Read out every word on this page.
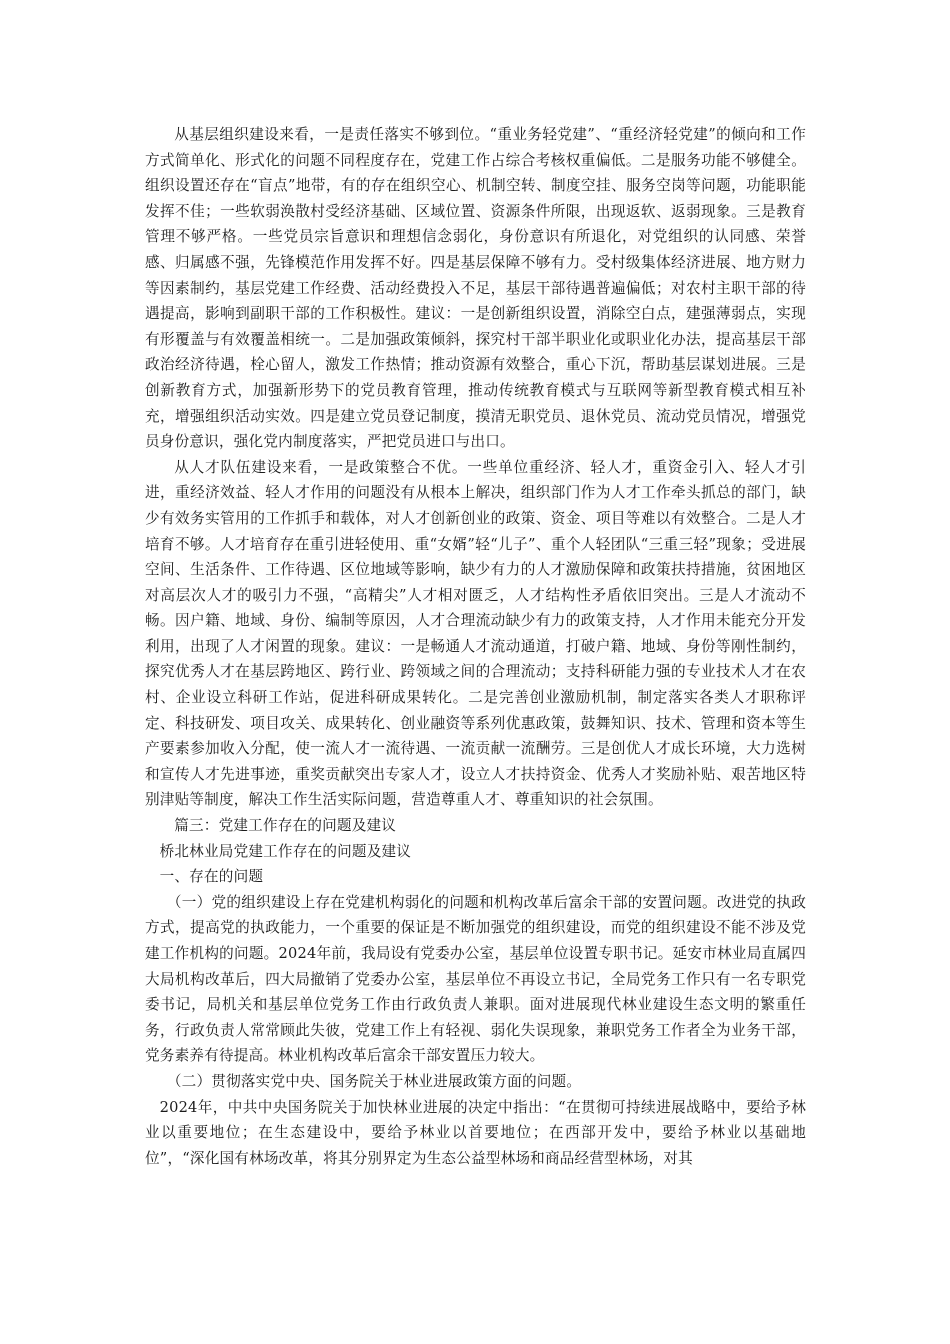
从基层组织建设来看，一是责任落实不够到位。“重业务轻党建”、“重经济轻党建”的倾向和工作方式简单化、形式化的问题不同程度存在，党建工作占综合考核权重偏低。二是服务功能不够健全。组织设置还存在“盲点”地带，有的存在组织空心、机制空转、制度空挂、服务空岗等问题，功能职能发挥不佳；一些软弱涣散村受经济基础、区域位置、资源条件所限，出现返软、返弱现象。三是教育管理不够严格。一些党员宗旨意识和理想信念弱化，身份意识有所退化，对党组织的认同感、荣誉感、归属感不强，先锋模范作用发挥不好。四是基层保障不够有力。受村级集体经济进展、地方财力等因素制约，基层党建工作经费、活动经费投入不足，基层干部待遇普遍偏低；对农村主职干部的待遇提高，影响到副职干部的工作积极性。建议：一是创新组织设置，消除空白点，建强薄弱点，实现有形覆盖与有效覆盖相统一。二是加强政策倾斜，探究村干部半职业化或职业化办法，提高基层干部政治经济待遇，栓心留人，激发工作热情；推动资源有效整合，重心下沉，帮助基层谋划进展。三是创新教育方式，加强新形势下的党员教育管理，推动传统教育模式与互联网等新型教育模式相互补充，增强组织活动实效。四是建立党员登记制度，摸清无职党员、退休党员、流动党员情况，增强党员身份意识，强化党内制度落实，严把党员进口与出口。

从人才队伍建设来看，一是政策整合不优。一些单位重经济、轻人才，重资金引入、轻人才引进，重经济效益、轻人才作用的问题没有从根本上解决，组织部门作为人才工作牵头抓总的部门，缺少有效务实管用的工作抓手和载体，对人才创新创业的政策、资金、项目等难以有效整合。二是人才培育不够。人才培育存在重引进轻使用、重“女婿”轻“儿子”、重个人轻团队“三重三轻”现象；受进展空间、生活条件、工作待遇、区位地域等影响，缺少有力的人才激励保障和政策扶持措施，贫困地区对高层次人才的吸引力不强，“高精尖”人才相对匮乏，人才结构性矛盾依旧突出。三是人才流动不畅。因户籍、地域、身份、编制等原因，人才合理流动缺少有力的政策支持，人才作用未能充分开发利用，出现了人才闲置的现象。建议：一是畅通人才流动通道，打破户籍、地域、身份等刚性制约，探究优秀人才在基层跨地区、跨行业、跨领域之间的合理流动；支持科研能力强的专业技术人才在农村、企业设立科研工作站，促进科研成果转化。二是完善创业激励机制，制定落实各类人才职称评定、科技研发、项目攻关、成果转化、创业融资等系列优惠政策，鼓舞知识、技术、管理和资本等生产要素参加收入分配，使一流人才一流待遇、一流贡献一流酬劳。三是创优人才成长环境，大力选树和宣传人才先进事迹，重奖贡献突出专家人才，设立人才扶持资金、优秀人才奖励补贴、艰苦地区特别津贴等制度，解决工作生活实际问题，营造尊重人才、尊重知识的社会氛围。

篇三：党建工作存在的问题及建议

桥北林业局党建工作存在的问题及建议

一、存在的问题

（一）党的组织建设上存在党建机构弱化的问题和机构改革后富余干部的安置问题。改进党的执政方式，提高党的执政能力，一个重要的保证是不断加强党的组织建设，而党的组织建设不能不涉及党建工作机构的问题。2024年前，我局设有党委办公室，基层单位设置专职书记。延安市林业局直属四大局机构改革后，四大局撤销了党委办公室，基层单位不再设立书记，全局党务工作只有一名专职党委书记，局机关和基层单位党务工作由行政负责人兼职。面对进展现代林业建设生态文明的繁重任务，行政负责人常常顾此失彼，党建工作上有轻视、弱化失误现象，兼职党务工作者全为业务干部，党务素养有待提高。林业机构改革后富余干部安置压力较大。

（二）贯彻落实党中央、国务院关于林业进展政策方面的问题。

2024年，中共中央国务院关于加快林业进展的决定中指出：“在贯彻可持续进展战略中，要给予林业以重要地位；在生态建设中，要给予林业以首要地位；在西部开发中，要给予林业以基础地位”，“深化国有林场改革，将其分别界定为生态公益型林场和商品经营型林场，对其
